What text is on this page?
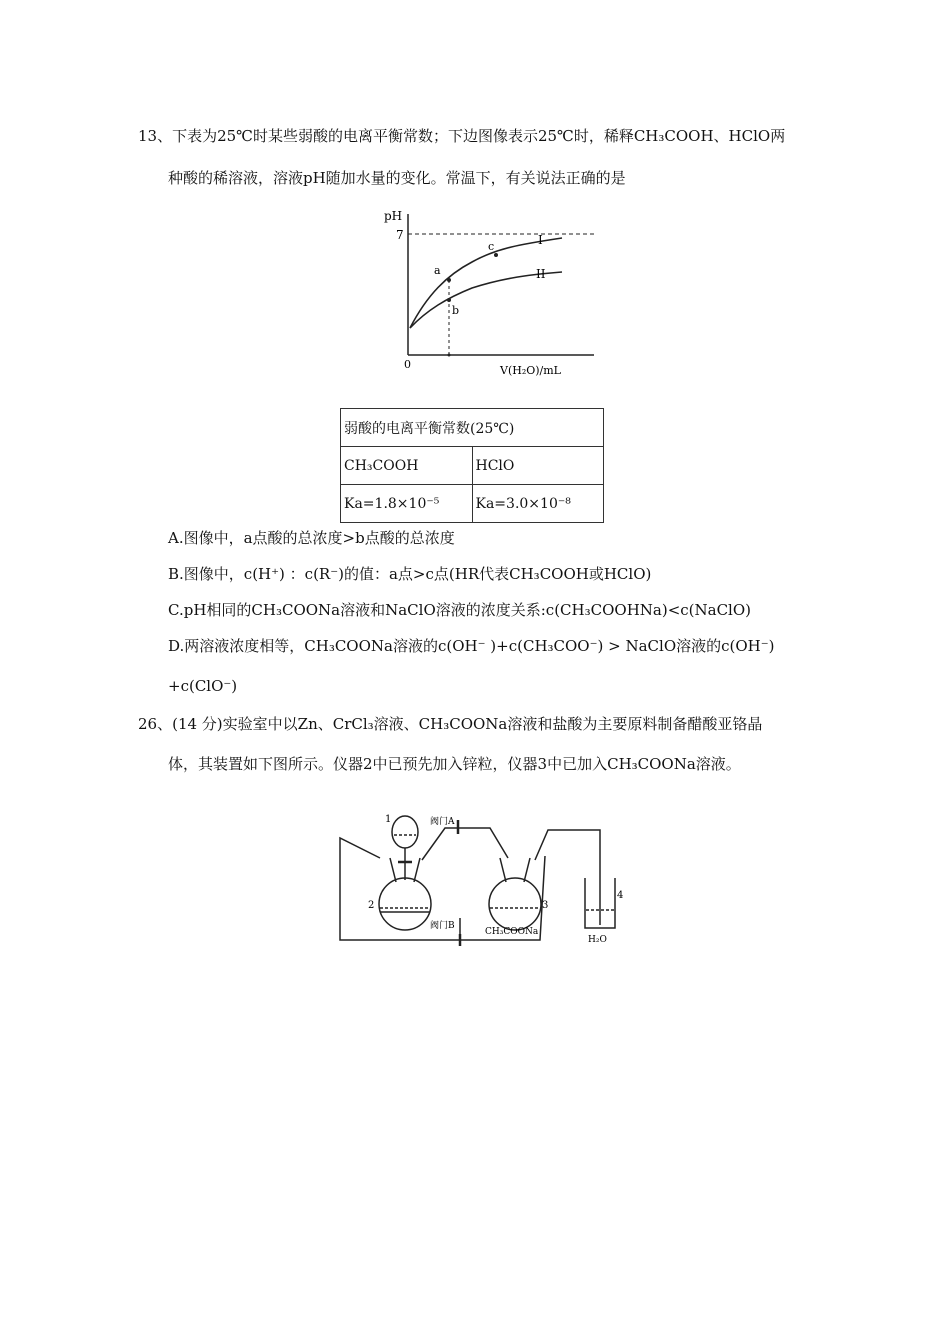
13、下表为25℃时某些弱酸的电离平衡常数；下边图像表示25℃时，稀释CH₃COOH、HClO两
种酸的稀溶液，溶液pH随加水量的变化。常温下，有关说法正确的是
pH
7
0	V(H₂O)/mL
I
II
a
b
c
弱酸的电离平衡常数(25℃)	
CH₃COOH	HClO
Ka=1.8×10⁻⁵	Ka=3.0×10⁻⁸
A.图像中，a点酸的总浓度>b点酸的总浓度
B.图像中，c(H⁺) ：c(R⁻)的值：a点>c点(HR代表CH₃COOH或HClO)
C.pH相同的CH₃COONa溶液和NaClO溶液的浓度关系:c(CH₃COOHNa)<c(NaClO)
D.两溶液浓度相等，CH₃COONa溶液的c(OH⁻ )+c(CH₃COO⁻) > NaClO溶液的c(OH⁻)
+c(ClO⁻)
26、(14 分)实验室中以Zn、CrCl₃溶液、CH₃COONa溶液和盐酸为主要原料制备醋酸亚铬晶
体，其装置如下图所示。仪器2中已预先加入锌粒，仪器3中已加入CH₃COONa溶液。
1
2	3
4
阀门A
阀门B
CH₃COONa
H₂O
